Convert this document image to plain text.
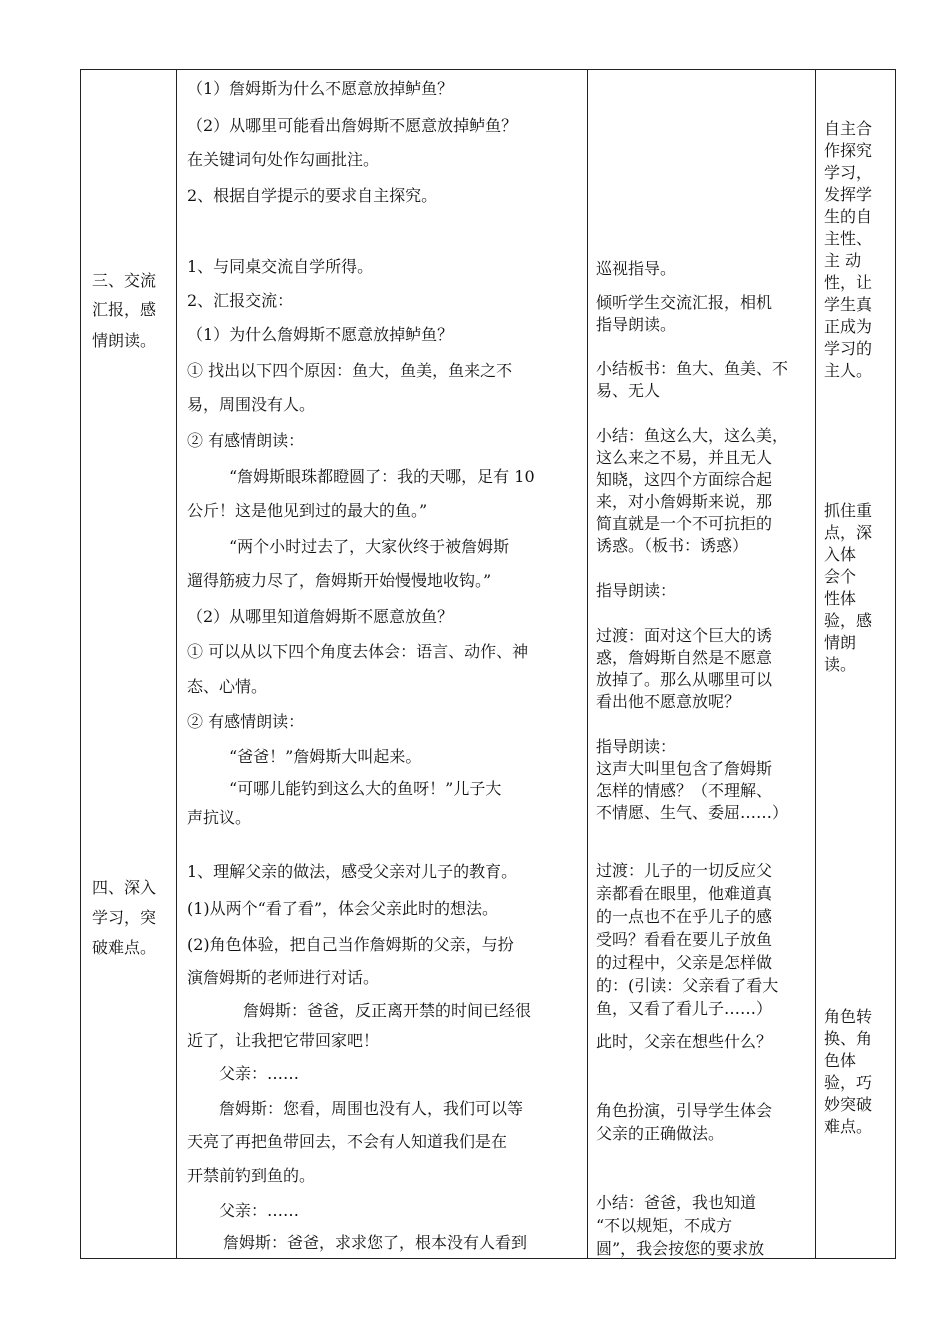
三、交流
汇报，感
情朗读。
四、深入
学习，突
破难点。
（1）詹姆斯为什么不愿意放掉鲈鱼？
（2）从哪里可能看出詹姆斯不愿意放掉鲈鱼？
在关键词句处作勾画批注。
2、根据自学提示的要求自主探究。
1、与同桌交流自学所得。
2、汇报交流：
（1）为什么詹姆斯不愿意放掉鲈鱼？
① 找出以下四个原因：鱼大，鱼美，鱼来之不
易，周围没有人。
② 有感情朗读：
“詹姆斯眼珠都瞪圆了：我的天哪，足有 10
公斤！这是他见到过的最大的鱼。”
“两个小时过去了，大家伙终于被詹姆斯
遛得筋疲力尽了，詹姆斯开始慢慢地收钩。”
（2）从哪里知道詹姆斯不愿意放鱼？
① 可以从以下四个角度去体会：语言、动作、神
态、心情。
② 有感情朗读：
“爸爸！”詹姆斯大叫起来。
“可哪儿能钓到这么大的鱼呀！”儿子大
声抗议。
1、理解父亲的做法，感受父亲对儿子的教育。
(1)从两个“看了看”，体会父亲此时的想法。
(2)角色体验，把自己当作詹姆斯的父亲，与扮
演詹姆斯的老师进行对话。
詹姆斯：爸爸，反正离开禁的时间已经很
近了，让我把它带回家吧！
父亲：……
詹姆斯：您看，周围也没有人，我们可以等
天亮了再把鱼带回去，不会有人知道我们是在
开禁前钓到鱼的。
父亲：……
詹姆斯：爸爸，求求您了，根本没有人看到
巡视指导。
倾听学生交流汇报，相机
指导朗读。
小结板书：鱼大、鱼美、不
易、无人
小结：鱼这么大，这么美，
这么来之不易，并且无人
知晓，这四个方面综合起
来，对小詹姆斯来说，那
简直就是一个不可抗拒的
诱惑。（板书：诱惑）
指导朗读：
过渡：面对这个巨大的诱
惑，詹姆斯自然是不愿意
放掉了。那么从哪里可以
看出他不愿意放呢？
指导朗读：
这声大叫里包含了詹姆斯
怎样的情感？（不理解、
不情愿、生气、委屈……）
过渡：儿子的一切反应父
亲都看在眼里，他难道真
的一点也不在乎儿子的感
受吗？看看在要儿子放鱼
的过程中，父亲是怎样做
的：(引读：父亲看了看大
鱼，又看了看儿子……）
此时，父亲在想些什么？
角色扮演，引导学生体会
父亲的正确做法。
小结：爸爸，我也知道
“不以规矩，不成方
圆”，我会按您的要求放
自主合
作探究
学习，
发挥学
生的自
主性、
主 动
性，让
学生真
正成为
学习的
主人。
抓住重
点，深
入体
会个
性体
验，感
情朗
读。
角色转
换、角
色体
验，巧
妙突破
难点。
